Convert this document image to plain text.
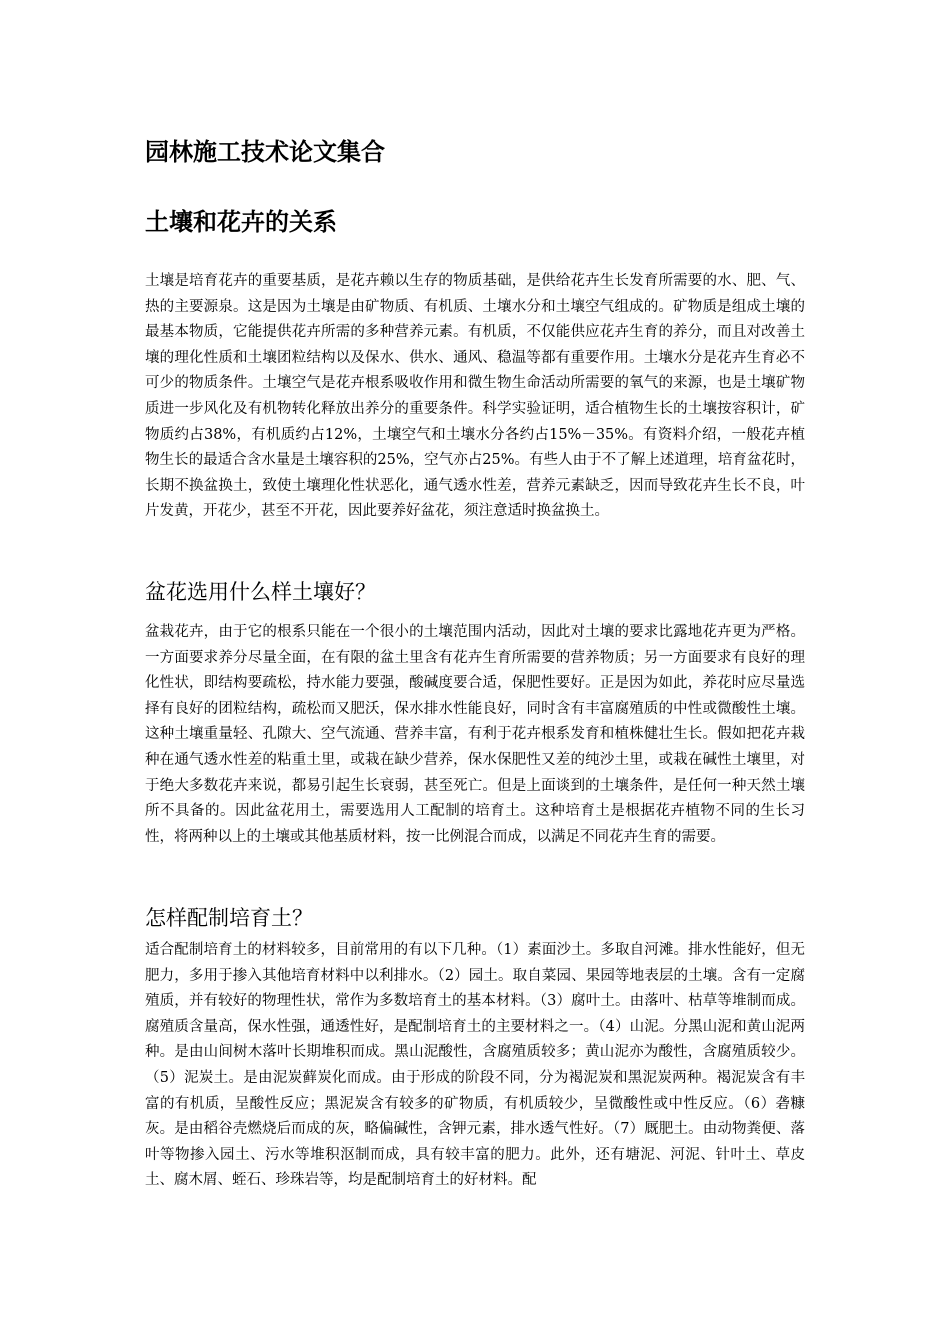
园林施工技术论文集合
土壤和花卉的关系

土壤是培育花卉的重要基质，是花卉赖以生存的物质基础，是供给花卉生长发育所需要的水、肥、气、热的主要源泉。这是因为土壤是由矿物质、有机质、土壤水分和土壤空气组成的。矿物质是组成土壤的最基本物质，它能提供花卉所需的多种营养元素。有机质，不仅能供应花卉生育的养分，而且对改善土壤的理化性质和土壤团粒结构以及保水、供水、通风、稳温等都有重要作用。土壤水分是花卉生育必不可少的物质条件。土壤空气是花卉根系吸收作用和微生物生命活动所需要的氧气的来源，也是土壤矿物质进一步风化及有机物转化释放出养分的重要条件。科学实验证明，适合植物生长的土壤按容积计，矿物质约占38%，有机质约占12%，土壤空气和土壤水分各约占15%－35%。有资料介绍，一般花卉植物生长的最适合含水量是土壤容积的25%，空气亦占25%。有些人由于不了解上述道理，培育盆花时，长期不换盆换土，致使土壤理化性状恶化，通气透水性差，营养元素缺乏，因而导致花卉生长不良，叶片发黄，开花少，甚至不开花，因此要养好盆花，须注意适时换盆换土。

盆花选用什么样土壤好？

盆栽花卉，由于它的根系只能在一个很小的土壤范围内活动，因此对土壤的要求比露地花卉更为严格。一方面要求养分尽量全面，在有限的盆土里含有花卉生育所需要的营养物质；另一方面要求有良好的理化性状，即结构要疏松，持水能力要强，酸碱度要合适，保肥性要好。正是因为如此，养花时应尽量选择有良好的团粒结构，疏松而又肥沃，保水排水性能良好，同时含有丰富腐殖质的中性或微酸性土壤。这种土壤重量轻、孔隙大、空气流通、营养丰富，有利于花卉根系发育和植株健壮生长。假如把花卉栽种在通气透水性差的粘重土里，或栽在缺少营养，保水保肥性又差的纯沙土里，或栽在碱性土壤里，对于绝大多数花卉来说，都易引起生长衰弱，甚至死亡。但是上面谈到的土壤条件，是任何一种天然土壤所不具备的。因此盆花用土，需要选用人工配制的培育土。这种培育土是根据花卉植物不同的生长习性，将两种以上的土壤或其他基质材料，按一比例混合而成，以满足不同花卉生育的需要。

怎样配制培育土？

适合配制培育土的材料较多，目前常用的有以下几种。（1）素面沙土。多取自河滩。排水性能好，但无肥力，多用于掺入其他培育材料中以利排水。（2）园土。取自菜园、果园等地表层的土壤。含有一定腐殖质，并有较好的物理性状，常作为多数培育土的基本材料。（3）腐叶土。由落叶、枯草等堆制而成。腐殖质含量高，保水性强，通透性好，是配制培育土的主要材料之一。（4）山泥。分黑山泥和黄山泥两种。是由山间树木落叶长期堆积而成。黑山泥酸性，含腐殖质较多；黄山泥亦为酸性，含腐殖质较少。（5）泥炭土。是由泥炭藓炭化而成。由于形成的阶段不同，分为褐泥炭和黑泥炭两种。褐泥炭含有丰富的有机质，呈酸性反应；黑泥炭含有较多的矿物质，有机质较少，呈微酸性或中性反应。（6）砻糠灰。是由稻谷壳燃烧后而成的灰，略偏碱性，含钾元素，排水透气性好。（7）厩肥土。由动物粪便、落叶等物掺入园土、污水等堆积沤制而成，具有较丰富的肥力。此外，还有塘泥、河泥、针叶土、草皮土、腐木屑、蛭石、珍珠岩等，均是配制培育土的好材料。配
